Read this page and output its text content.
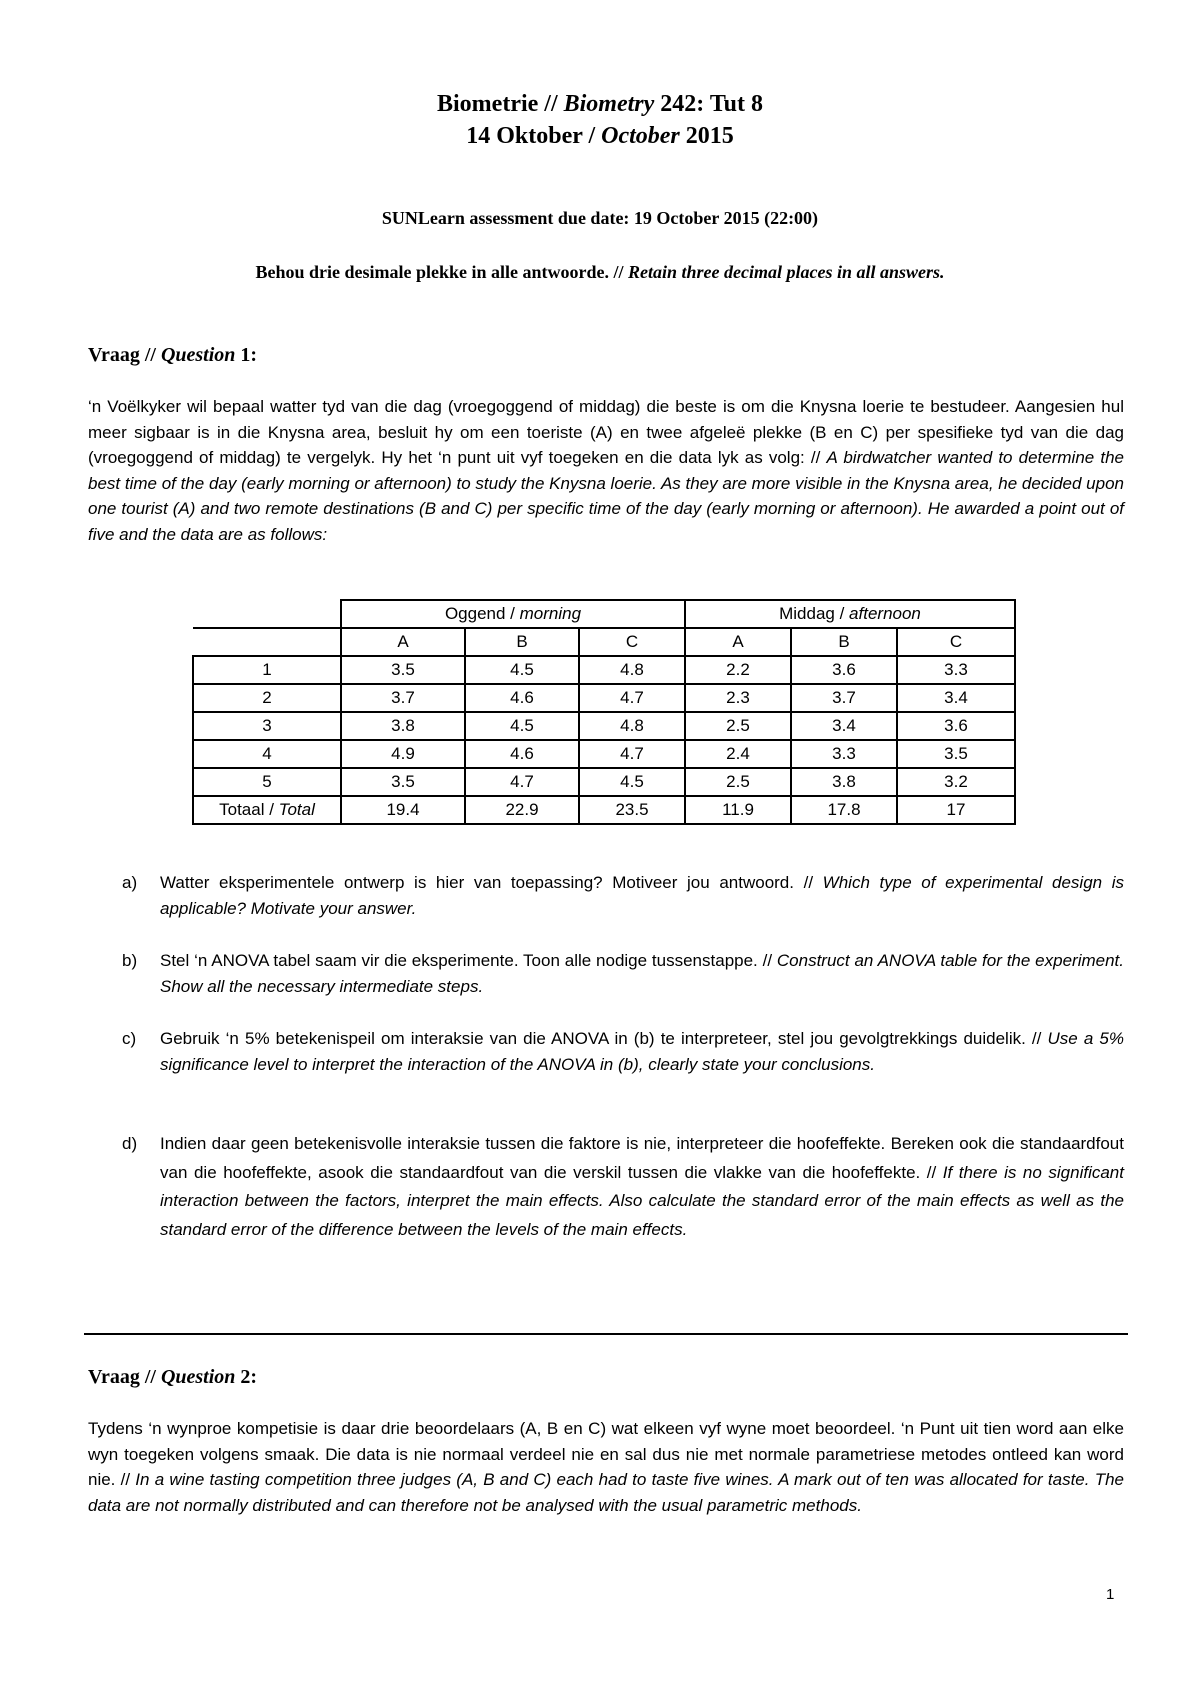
Biometrie // Biometry 242: Tut 8
14 Oktober / October 2015
SUNLearn assessment due date: 19 October 2015 (22:00)
Behou drie desimale plekke in alle antwoorde. // Retain three decimal places in all answers.
Vraag // Question 1:
‘n Voëlkyker wil bepaal watter tyd van die dag (vroegoggend of middag) die beste is om die Knysna loerie te bestudeer. Aangesien hul meer sigbaar is in die Knysna area, besluit hy om een toeriste (A) en twee afgeleë plekke (B en C) per spesifieke tyd van die dag (vroegoggend of middag) te vergelyk. Hy het ‘n punt uit vyf toegeken en die data lyk as volg: // A birdwatcher wanted to determine the best time of the day (early morning or afternoon) to study the Knysna loerie. As they are more visible in the Knysna area, he decided upon one tourist (A) and two remote destinations (B and C) per specific time of the day (early morning or afternoon). He awarded a point out of five and the data are as follows:
	Oggend / morning			Middag / afternoon		
	A	B	C	A	B	C
1	3.5	4.5	4.8	2.2	3.6	3.3
2	3.7	4.6	4.7	2.3	3.7	3.4
3	3.8	4.5	4.8	2.5	3.4	3.6
4	4.9	4.6	4.7	2.4	3.3	3.5
5	3.5	4.7	4.5	2.5	3.8	3.2
Totaal / Total	19.4	22.9	23.5	11.9	17.8	17
a)	Watter eksperimentele ontwerp is hier van toepassing? Motiveer jou antwoord. // Which type of experimental design is applicable? Motivate your answer.
b)	Stel ‘n ANOVA tabel saam vir die eksperimente. Toon alle nodige tussenstappe. // Construct an ANOVA table for the experiment. Show all the necessary intermediate steps.
c)	Gebruik ‘n 5% betekenispeil om interaksie van die ANOVA in (b) te interpreteer, stel jou gevolgtrekkings duidelik. // Use a 5% significance level to interpret the interaction of the ANOVA in (b), clearly state your conclusions.
d)	Indien daar geen betekenisvolle interaksie tussen die faktore is nie, interpreteer die hoofeffekte. Bereken ook die standaardfout van die hoofeffekte, asook die standaardfout van die verskil tussen die vlakke van die hoofeffekte. // If there is no significant interaction between the factors, interpret the main effects. Also calculate the standard error of the main effects as well as the standard error of the difference between the levels of the main effects.
Vraag // Question 2:
Tydens ‘n wynproe kompetisie is daar drie beoordelaars (A, B en C) wat elkeen vyf wyne moet beoordeel. ‘n Punt uit tien word aan elke wyn toegeken volgens smaak. Die data is nie normaal verdeel nie en sal dus nie met normale parametriese metodes ontleed kan word nie. // In a wine tasting competition three judges (A, B and C) each had to taste five wines. A mark out of ten was allocated for taste. The data are not normally distributed and can therefore not be analysed with the usual parametric methods.
1
